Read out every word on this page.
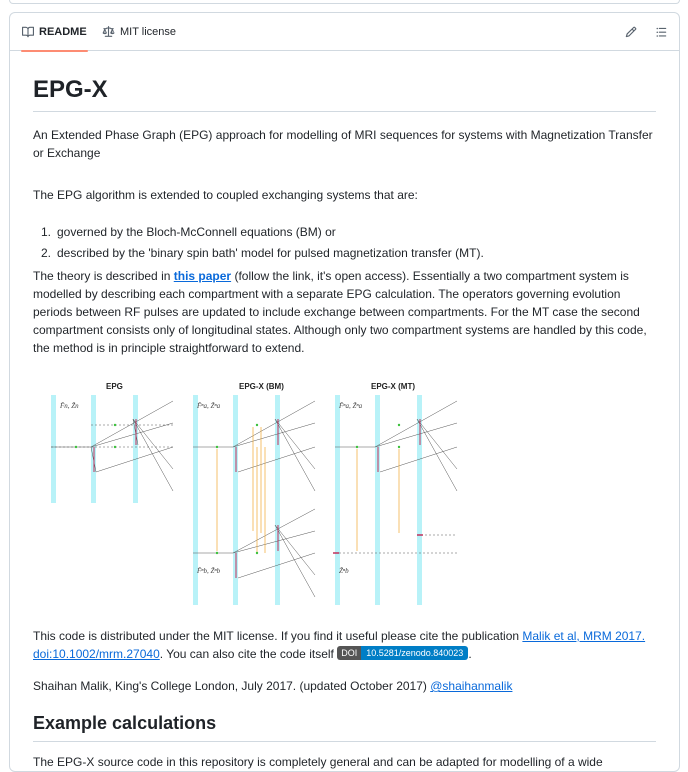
README	MIT license
EPG-X

An Extended Phase Graph (EPG) approach for modelling of MRI sequences for systems with Magnetization Transfer or Exchange

The EPG algorithm is extended to coupled exchanging systems that are:

1. governed by the Bloch-McConnell equations (BM) or
2. described by the 'binary spin bath' model for pulsed magnetization transfer (MT).

The theory is described in this paper (follow the link, it's open access). Essentially a two compartment system is modelled by describing each compartment with a separate EPG calculation. The operators governing evolution periods between RF pulses are updated to include exchange between compartments. For the MT case the second compartment consists only of longitudinal states. Although only two compartment systems are handled by this code, the method is in principle straightforward to extend.

EPG	EPG-X (BM)	EPG-X (MT)
F̃n, Z̃n	F̃ⁿa, Z̃ⁿa
F̃ⁿb, Z̃ⁿb
F̃ⁿa, Z̃ⁿa
Z̃ⁿb

This code is distributed under the MIT license. If you find it useful please cite the publication Malik et al, MRM 2017. doi:10.1002/mrm.27040. You can also cite the code itself DOI	10.5281/zenodo.840023 .

Shaihan Malik, King's College London, July 2017. (updated October 2017) @shaihanmalik

Example calculations

The EPG-X source code in this repository is completely general and can be adapted for modelling of a wide
